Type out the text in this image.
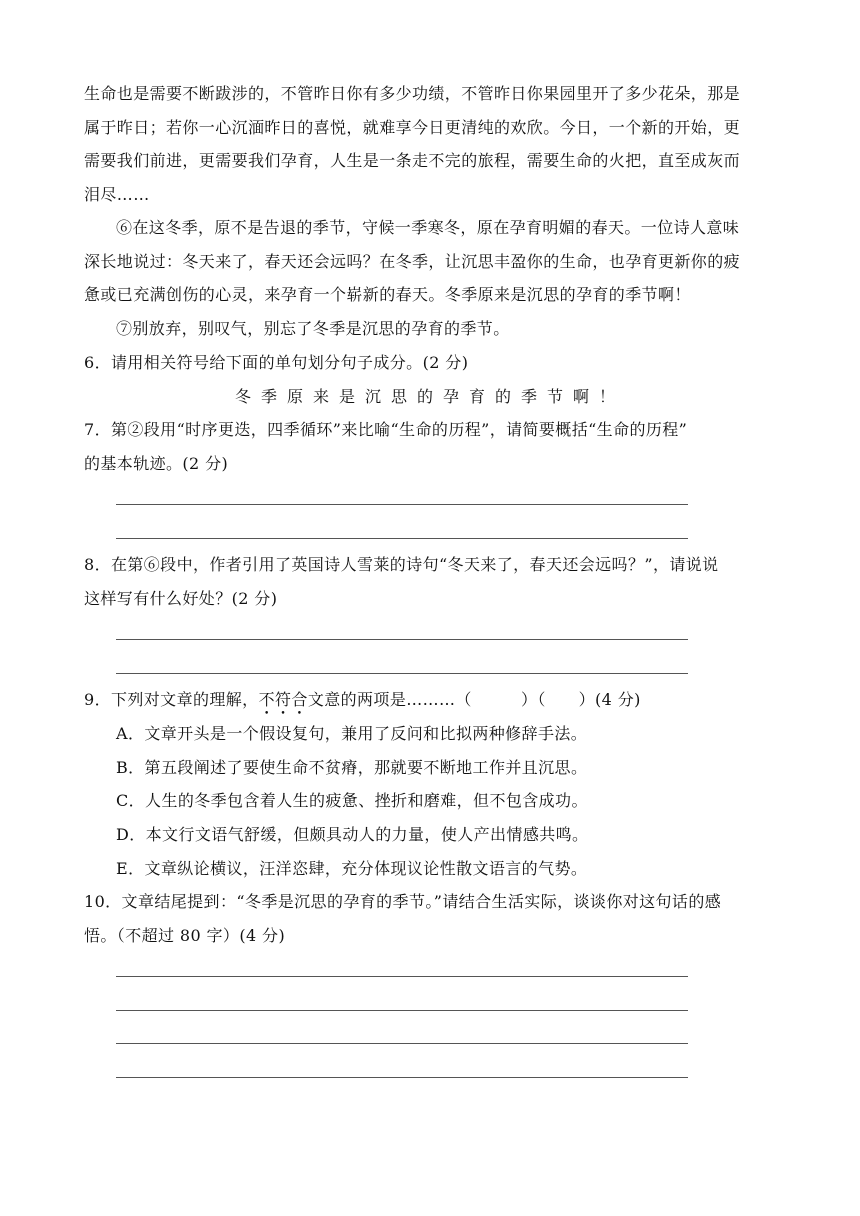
生命也是需要不断跋涉的，不管昨日你有多少功绩，不管昨日你果园里开了多少花朵，那是
属于昨日；若你一心沉湎昨日的喜悦，就难享今日更清纯的欢欣。今日，一个新的开始，更
需要我们前进，更需要我们孕育，人生是一条走不完的旅程，需要生命的火把，直至成灰而
泪尽……
⑥在这冬季，原不是告退的季节，守候一季寒冬，原在孕育明媚的春天。一位诗人意味
深长地说过：冬天来了，春天还会远吗？在冬季，让沉思丰盈你的生命，也孕育更新你的疲
惫或已充满创伤的心灵，来孕育一个崭新的春天。冬季原来是沉思的孕育的季节啊！
⑦别放弃，别叹气，别忘了冬季是沉思的孕育的季节。
6．请用相关符号给下面的单句划分句子成分。(2 分)
冬季原来是沉思的孕育的季节啊！
7．第②段用“时序更迭，四季循环”来比喻“生命的历程”，请简要概括“生命的历程”
的基本轨迹。(2 分)
8．在第⑥段中，作者引用了英国诗人雪莱的诗句“冬天来了，春天还会远吗？”，请说说
这样写有什么好处？(2 分)
9．下列对文章的理解，不符合文意的两项是………（　　　）（　　）(4 分)
A．文章开头是一个假设复句，兼用了反问和比拟两种修辞手法。
B．第五段阐述了要使生命不贫瘠，那就要不断地工作并且沉思。
C．人生的冬季包含着人生的疲惫、挫折和磨难，但不包含成功。
D．本文行文语气舒缓，但颇具动人的力量，使人产出情感共鸣。
E．文章纵论横议，汪洋恣肆，充分体现议论性散文语言的气势。
10．文章结尾提到：“冬季是沉思的孕育的季节。”请结合生活实际，谈谈你对这句话的感
悟。（不超过 80 字）(4 分)
